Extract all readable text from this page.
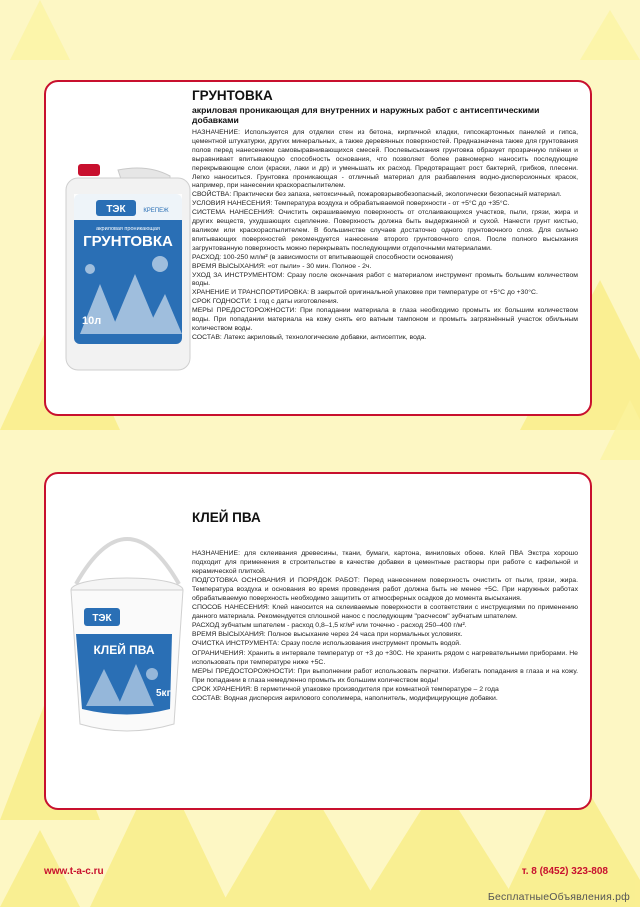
ТЭК	КРЕПЕЖ
акриловая проникающая
ГРУНТОВКА
10л
ГРУНТОВКА
акриловая проникающая для внутренних и наружных работ с антисептическими добавками

НАЗНАЧЕНИЕ: Используется для отделки стен из бетона, кирпичной кладки, гипсокартонных панелей и гипса, цементной штукатурки, других минеральных, а также деревянных поверхностей. Предназначена также для грунтования полов перед нанесением самовыравнивающихся смесей. Послевысыхания грунтовка образует прозрачную плёнки и выравнивает впитывающую способность основания, что позволяет более равномерно наносить последующие перекрывающие слои (краски, лаки и др) и уменьшать их расход. Предотвращает рост бактерий, грибков, плесени. Легко наноситься. Грунтовка проникающая - отличный материал для разбавления водно-дисперсионных красок, например, при нанесении краскораспылителем.

СВОЙСТВА: Практически без запаха, нетоксичный, пожаровзрывобезопасный, экологически безопасный материал.

УСЛОВИЯ НАНЕСЕНИЯ: Температура воздуха и обрабатываемой поверхности - от +5°С до +35°С.

СИСТЕМА НАНЕСЕНИЯ: Очистить окрашиваемую поверхность от отслаивающихся участков, пыли, грязи, жира и других веществ, ухудшающих сцепление. Поверхность должна быть выдержанной и сухой. Нанести грунт кистью, валиком или краскораспылителем. В большинстве случаев достаточно одного грунтовочного слоя. Для сильно впитывающих поверхностей рекомендуется нанесение второго грунтовочного слоя. После полного высыхания загрунтованную поверхность можно перекрывать последующими отделочными материалами.

РАСХОД: 100-250 мл/м² (в зависимости от впитывающей способности основания)

ВРЕМЯ ВЫСЫХАНИЯ: «от пыли» - 30 мин. Полное - 2ч.

УХОД ЗА ИНСТРУМЕНТОМ: Сразу после окончания работ с материалом инструмент промыть большим количеством воды.

ХРАНЕНИЕ И ТРАНСПОРТИРОВКА: В закрытой оригинальной упаковке при температуре от +5°С до +30°С.

СРОК ГОДНОСТИ: 1 год с даты изготовления.

МЕРЫ ПРЕДОСТОРОЖНОСТИ: При попадании материала в глаза необходимо промыть их большим количеством воды. При попадании материала на кожу снять его ватным тампоном и промыть загрязнённый участок обильным количеством воды.

СОСТАВ: Латекс акриловый, технологические добавки, антисептик, вода.

ТЭК
КЛЕЙ ПВА
5кг
КЛЕЙ ПВА

НАЗНАЧЕНИЕ: для склеивания древесины, ткани, бумаги, картона, виниловых обоев. Клей ПВА Экстра хорошо подходит для применения в строительстве в качестве добавки в цементные растворы при работе с кафельной и керамической плиткой.

ПОДГОТОВКА ОСНОВАНИЯ И ПОРЯДОК РАБОТ: Перед нанесением поверхность очистить от пыли, грязи, жира. Температура воздуха и основания во время проведения работ должна быть не менее +5С. При наружных работах обрабатываемую поверхность необходимо защитить от атмосферных осадков до момента высыхания.

СПОСОБ НАНЕСЕНИЯ: Клей наносится на склеиваемые поверхности в соответствии с инструкциями по применению данного материала. Рекомендуется сплошной нанос с последующим "расчесом" зубчатым шпателем.

РАСХОД зубчатым шпателем - расход 0,8–1,5 кг/м² или точечно - расход 250–400 г/м².

ВРЕМЯ ВЫСЫХАНИЯ: Полное высыхание через 24 часа при нормальных условиях.

ОЧИСТКА ИНСТРУМЕНТА: Сразу после использования инструмент промыть водой.

ОГРАНИЧЕНИЯ: Хранить в интервале температур от +3 до +30С. Не хранить рядом с нагревательными приборами. Не использовать при температуре ниже +5С.

МЕРЫ ПРЕДОСТОРОЖНОСТИ: При выполнении работ использовать перчатки. Избегать попадания в глаза и на кожу. При попадании в глаза немедленно промыть их большим количеством воды!

СРОК ХРАНЕНИЯ: В герметичной упаковке производителя при комнатной температуре – 2 года

СОСТАВ: Водная дисперсия акрилового сополимера, наполнитель, модифицирующие добавки.

www.t-a-c.ru	т. 8 (8452) 323-808
БесплатныеОбъявления.рф
